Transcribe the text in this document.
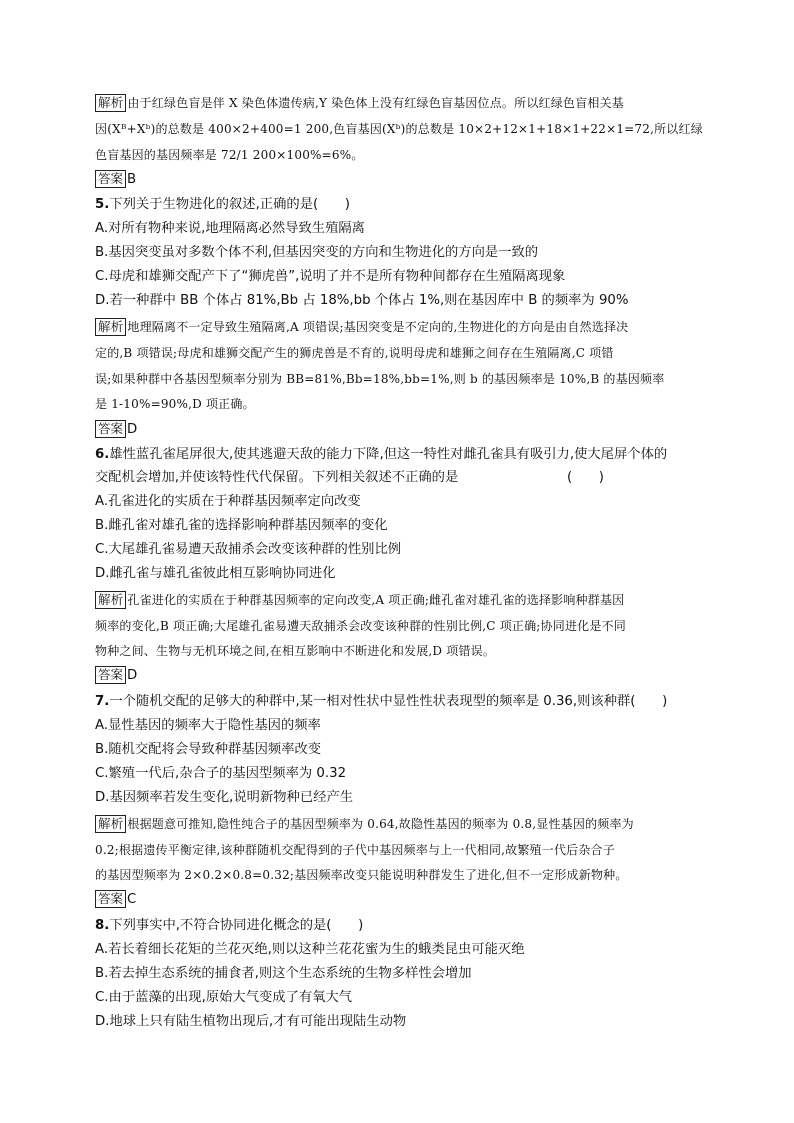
解析 由于红绿色盲是伴 X 染色体遗传病,Y 染色体上没有红绿色盲基因位点。所以红绿色盲相关基
因(Xᴮ+Xᵇ)的总数是 400×2+400=1 200,色盲基因(Xᵇ)的总数是 10×2+12×1+18×1+22×1=72,所以红绿
色盲基因的基因频率是 72/1 200×100%=6%。
答案 B
5.下列关于生物进化的叙述,正确的是(　　)
A.对所有物种来说,地理隔离必然导致生殖隔离
B.基因突变虽对多数个体不利,但基因突变的方向和生物进化的方向是一致的
C.母虎和雄狮交配产下了“狮虎兽”,说明了并不是所有物种间都存在生殖隔离现象
D.若一种群中 BB 个体占 81%,Bb 占 18%,bb 个体占 1%,则在基因库中 B 的频率为 90%
解析 地理隔离不一定导致生殖隔离,A 项错误;基因突变是不定向的,生物进化的方向是由自然选择决
定的,B 项错误;母虎和雄狮交配产生的狮虎兽是不育的,说明母虎和雄狮之间存在生殖隔离,C 项错
误;如果种群中各基因型频率分别为 BB=81%,Bb=18%,bb=1%,则 b 的基因频率是 10%,B 的基因频率
是 1-10%=90%,D 项正确。
答案 D
6.雄性蓝孔雀尾屏很大,使其逃避天敌的能力下降,但这一特性对雌孔雀具有吸引力,使大尾屏个体的
交配机会增加,并使该特性代代保留。下列相关叙述不正确的是	(　　)
A.孔雀进化的实质在于种群基因频率定向改变
B.雌孔雀对雄孔雀的选择影响种群基因频率的变化
C.大尾雄孔雀易遭天敌捕杀会改变该种群的性别比例
D.雌孔雀与雄孔雀彼此相互影响协同进化
解析 孔雀进化的实质在于种群基因频率的定向改变,A 项正确;雌孔雀对雄孔雀的选择影响种群基因
频率的变化,B 项正确;大尾雄孔雀易遭天敌捕杀会改变该种群的性别比例,C 项正确;协同进化是不同
物种之间、生物与无机环境之间,在相互影响中不断进化和发展,D 项错误。
答案 D
7.一个随机交配的足够大的种群中,某一相对性状中显性性状表现型的频率是 0.36,则该种群(　　)
A.显性基因的频率大于隐性基因的频率
B.随机交配将会导致种群基因频率改变
C.繁殖一代后,杂合子的基因型频率为 0.32
D.基因频率若发生变化,说明新物种已经产生
解析 根据题意可推知,隐性纯合子的基因型频率为 0.64,故隐性基因的频率为 0.8,显性基因的频率为
0.2;根据遗传平衡定律,该种群随机交配得到的子代中基因频率与上一代相同,故繁殖一代后杂合子
的基因型频率为 2×0.2×0.8=0.32;基因频率改变只能说明种群发生了进化,但不一定形成新物种。
答案 C
8.下列事实中,不符合协同进化概念的是(　　)
A.若长着细长花矩的兰花灭绝,则以这种兰花花蜜为生的蛾类昆虫可能灭绝
B.若去掉生态系统的捕食者,则这个生态系统的生物多样性会增加
C.由于蓝藻的出现,原始大气变成了有氧大气
D.地球上只有陆生植物出现后,才有可能出现陆生动物
